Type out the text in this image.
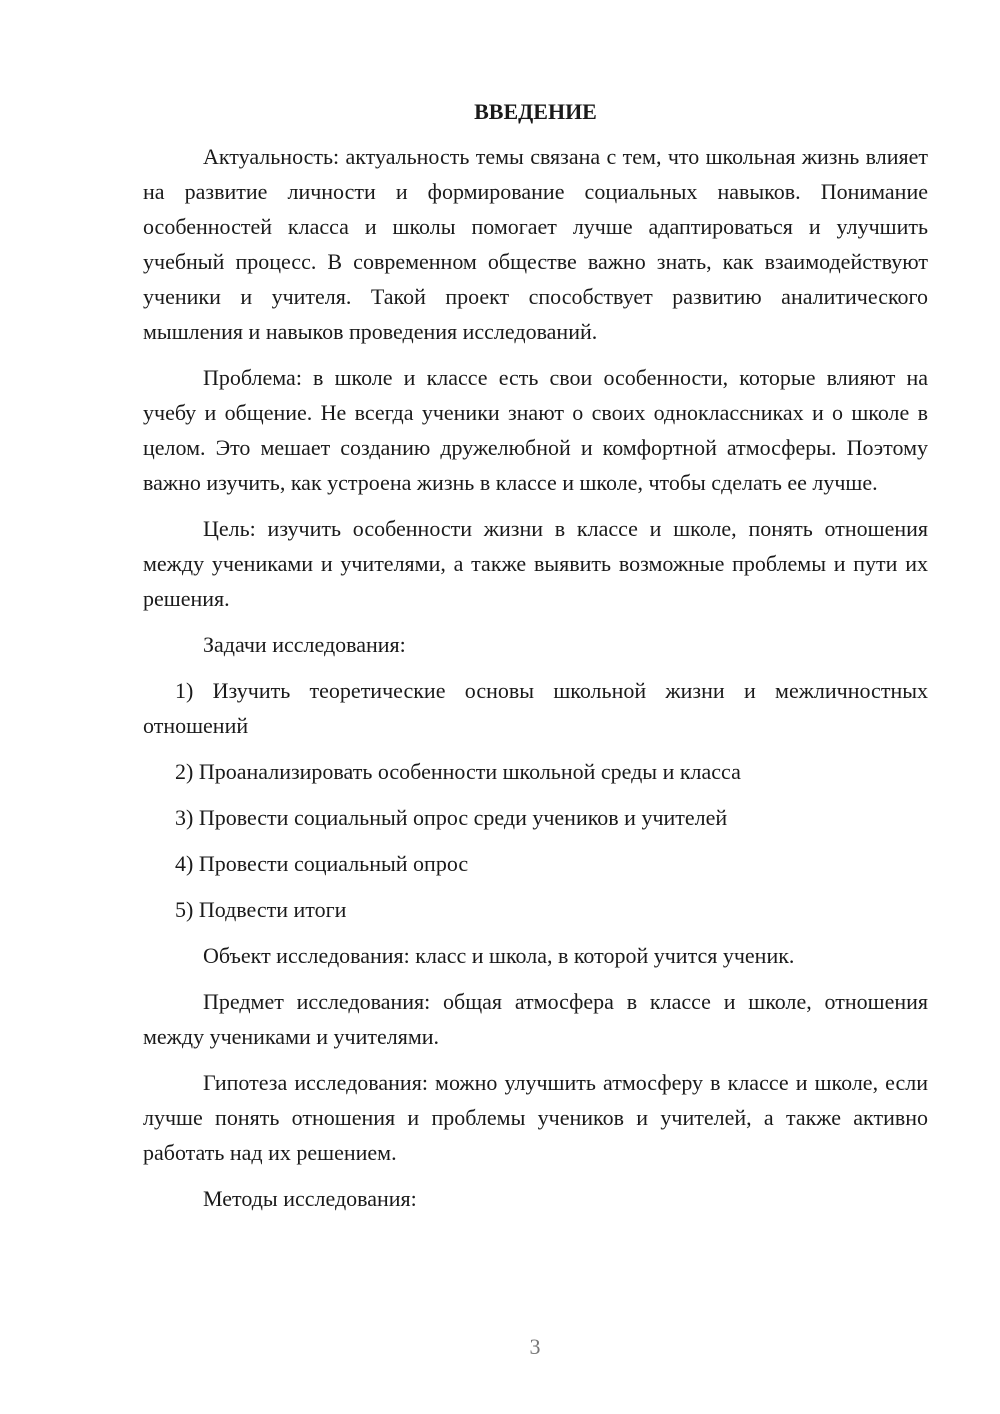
ВВЕДЕНИЕ

Актуальность: актуальность темы связана с тем, что школьная жизнь влияет на развитие личности и формирование социальных навыков. Понимание особенностей класса и школы помогает лучше адаптироваться и улучшить учебный процесс. В современном обществе важно знать, как взаимодействуют ученики и учителя. Такой проект способствует развитию аналитического мышления и навыков проведения исследований.

Проблема: в школе и классе есть свои особенности, которые влияют на учебу и общение. Не всегда ученики знают о своих одноклассниках и о школе в целом. Это мешает созданию дружелюбной и комфортной атмосферы. Поэтому важно изучить, как устроена жизнь в классе и школе, чтобы сделать ее лучше.

Цель: изучить особенности жизни в классе и школе, понять отношения между учениками и учителями, а также выявить возможные проблемы и пути их решения.

Задачи исследования:

1) Изучить теоретические основы школьной жизни и межличностных отношений

2) Проанализировать особенности школьной среды и класса

3) Провести социальный опрос среди учеников и учителей

4) Провести социальный опрос

5) Подвести итоги

Объект исследования: класс и школа, в которой учится ученик.

Предмет исследования: общая атмосфера в классе и школе, отношения между учениками и учителями.

Гипотеза исследования: можно улучшить атмосферу в классе и школе, если лучше понять отношения и проблемы учеников и учителей, а также активно работать над их решением.

Методы исследования:

3
